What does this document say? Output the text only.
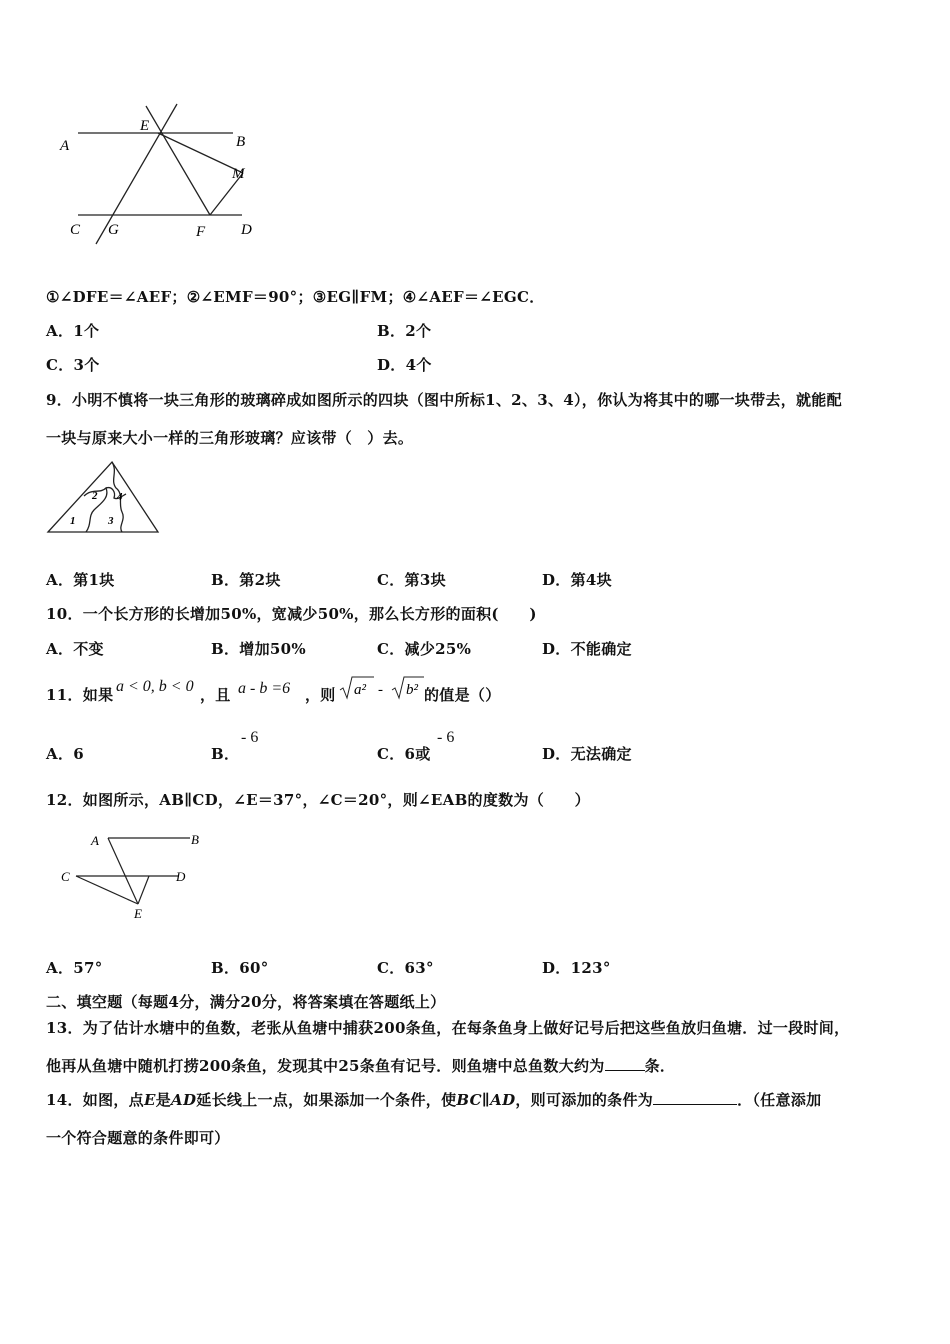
A
E
B
M
C G	F D
①∠DFE＝∠AEF；②∠EMF＝90°；③EG∥FM；④∠AEF＝∠EGC．
A．1个	B．2个
C．3个	D．4个
9．小明不慎将一块三角形的玻璃碎成如图所示的四块（图中所标1、2、3、4），你认为将其中的哪一块带去，就能配
一块与原来大小一样的三角形玻璃？应该带（　）去。
2 4
1	3
A．第1块	B．第2块	C．第3块	D．第4块
10．一个长方形的长增加50%，宽减少50%，那么长方形的面积(　　)
A．不变	B．增加50%	C．减少25%	D．不能确定
11．如果 a < 0, b < 0 ，且 a - b =6 ，则 a² - b² 的值是（）
A．6	B．
- 6
C．6或
- 6
D．无法确定
12．如图所示，AB∥CD，∠E＝37°，∠C＝20°，则∠EAB的度数为（　　）
A	B
C	D
E
A．57°	B．60°	C．63°	D．123°
二、填空题（每题4分，满分20分，将答案填在答题纸上）
13．为了估计水塘中的鱼数，老张从鱼塘中捕获200条鱼，在每条鱼身上做好记号后把这些鱼放归鱼塘．过一段时间，
他再从鱼塘中随机打捞200条鱼，发现其中25条鱼有记号．则鱼塘中总鱼数大约为	条．
14．如图，点E是AD延长线上一点，如果添加一个条件，使BC∥AD，则可添加的条件为	．（任意添加
一个符合题意的条件即可）
